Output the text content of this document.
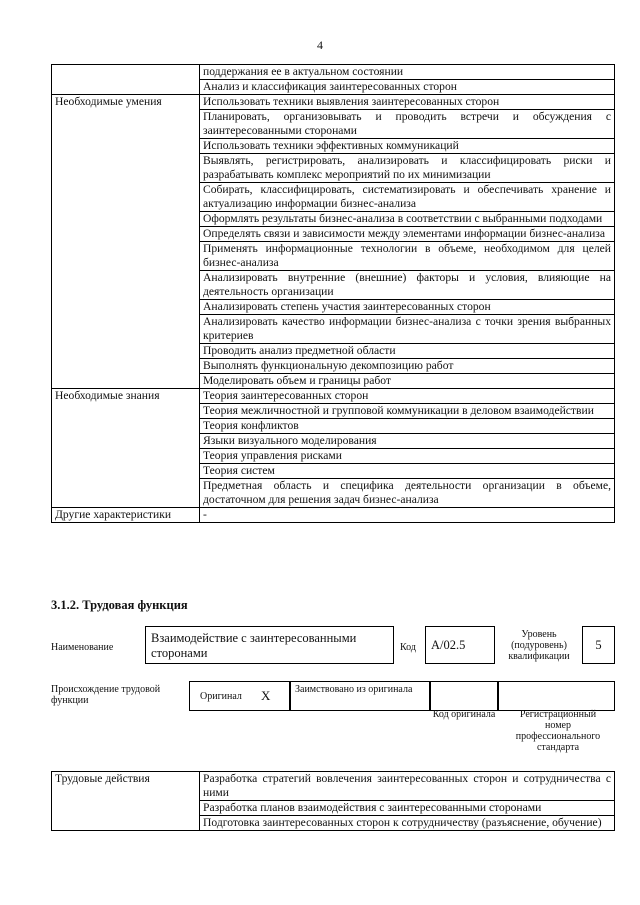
4
	поддержания ее в актуальном состоянии
	Анализ и классификация заинтересованных сторон
Необходимые умения	Использовать техники выявления заинтересованных сторон
	Планировать, организовывать и проводить встречи и обсуждения с заинтересованными сторонами
	Использовать техники эффективных коммуникаций
	Выявлять, регистрировать, анализировать и классифицировать риски и разрабатывать комплекс мероприятий по их минимизации
	Собирать, классифицировать, систематизировать и обеспечивать хранение и актуализацию информации бизнес-анализа
	Оформлять результаты бизнес-анализа в соответствии с выбранными подходами
	Определять связи и зависимости между элементами информации бизнес-анализа
	Применять информационные технологии в объеме, необходимом для целей бизнес-анализа
	Анализировать внутренние (внешние) факторы и условия, влияющие на деятельность организации
	Анализировать степень участия заинтересованных сторон
	Анализировать качество информации бизнес-анализа с точки зрения выбранных критериев
	Проводить анализ предметной области
	Выполнять функциональную декомпозицию работ
	Моделировать объем и границы работ
Необходимые знания	Теория заинтересованных сторон
	Теория межличностной и групповой коммуникации в деловом взаимодействии
	Теория конфликтов
	Языки визуального моделирования
	Теория управления рисками
	Теория систем
	Предметная область и специфика деятельности организации в объеме, достаточном для решения задач бизнес-анализа
Другие характеристики	-
3.1.2. Трудовая функция
Наименование
Взаимодействие с заинтересованными сторонами	Код	A/02.5
Уровень (подуровень) квалификации
5
Происхождение трудовой функции	Оригинал X Заимствовано из оригинала
Код оригинала	Регистрационный номер профессионального стандарта
Трудовые действия	Разработка стратегий вовлечения заинтересованных сторон и сотрудничества с ними
Разработка планов взаимодействия с заинтересованными сторонами
Подготовка заинтересованных сторон к сотрудничеству (разъяснение, обучение)
